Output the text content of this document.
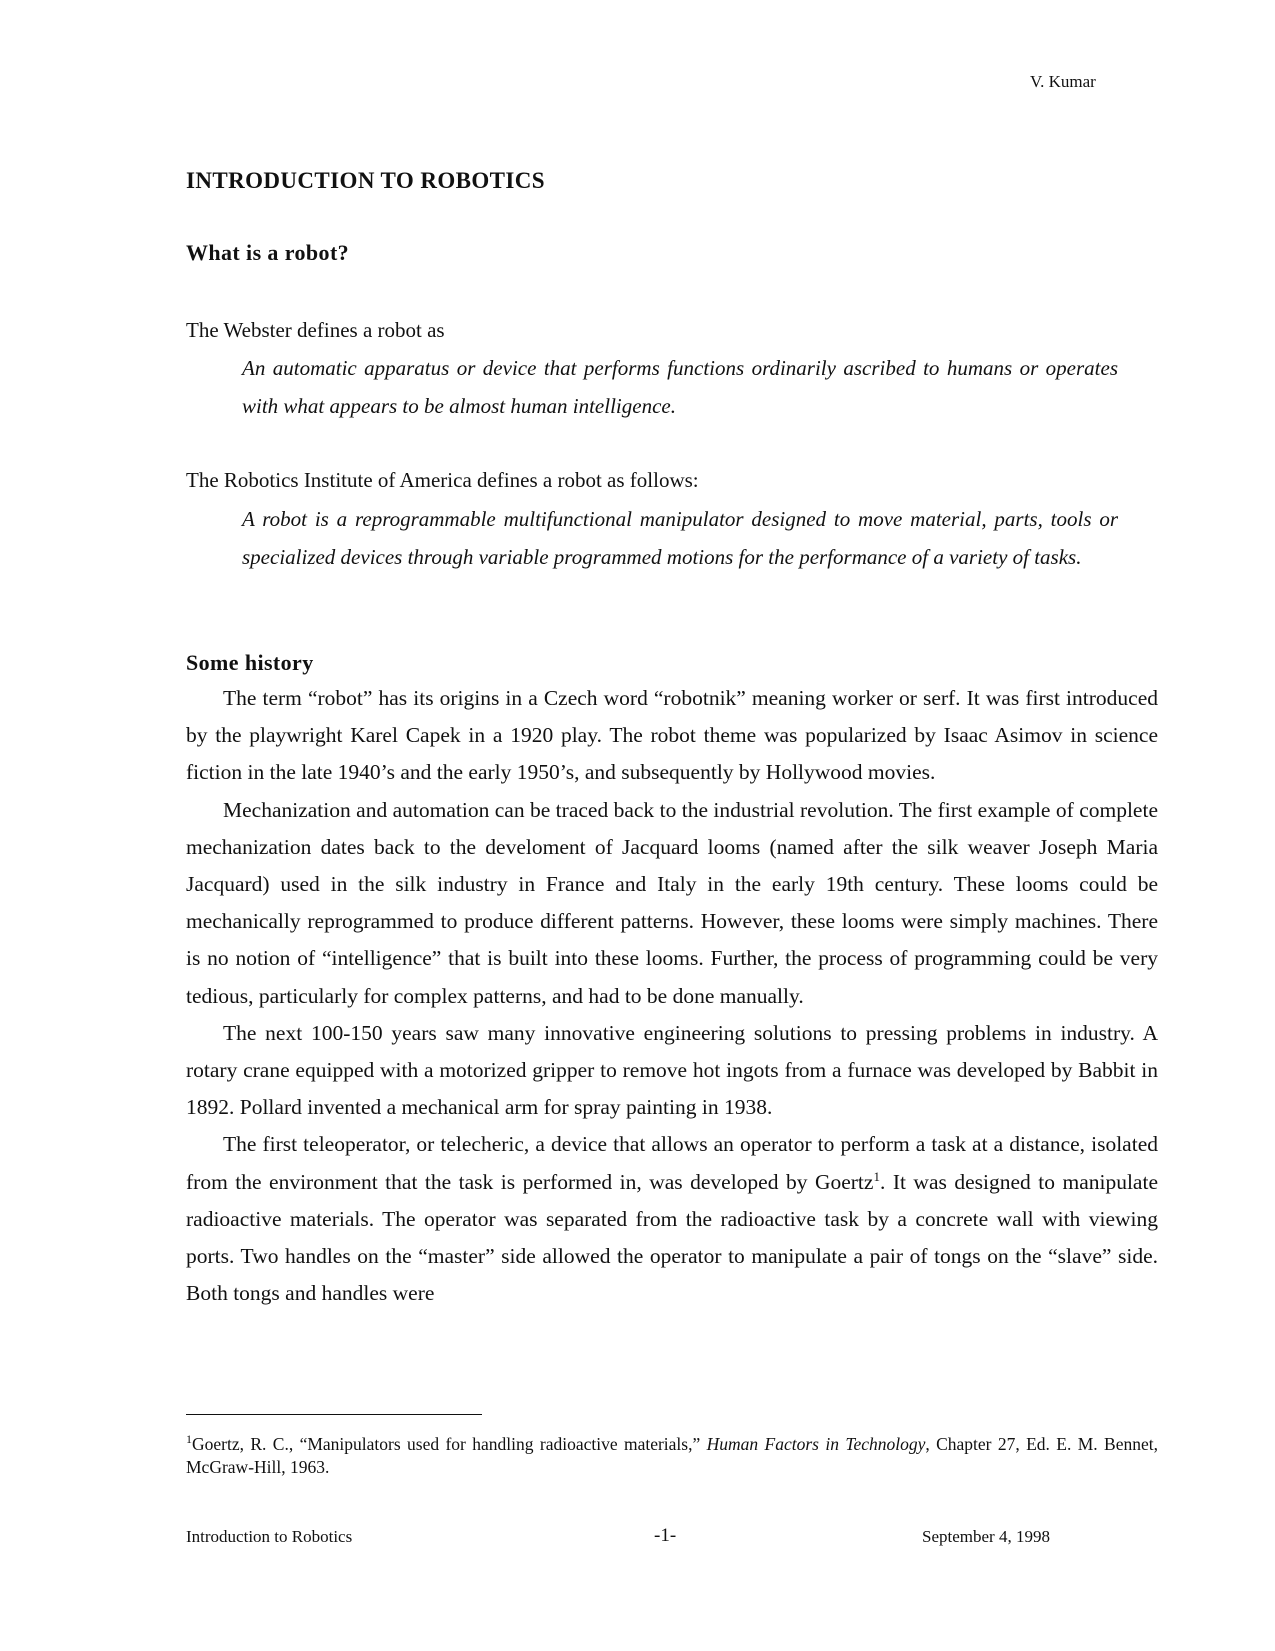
V. Kumar
INTRODUCTION TO ROBOTICS
What is a robot?
The Webster defines a robot as

An automatic apparatus or device that performs functions ordinarily ascribed to humans or operates with what appears to be almost human intelligence.

The Robotics Institute of America defines a robot as follows:

A robot is a reprogrammable multifunctional manipulator designed to move material, parts, tools or specialized devices through variable programmed motions for the performance of a variety of tasks.

Some history

The term “robot” has its origins in a Czech word “robotnik” meaning worker or serf. It was first introduced by the playwright Karel Capek in a 1920 play. The robot theme was popularized by Isaac Asimov in science fiction in the late 1940’s and the early 1950’s, and subsequently by Hollywood movies.

Mechanization and automation can be traced back to the industrial revolution. The first example of complete mechanization dates back to the develoment of Jacquard looms (named after the silk weaver Joseph Maria Jacquard) used in the silk industry in France and Italy in the early 19th century. These looms could be mechanically reprogrammed to produce different patterns. However, these looms were simply machines. There is no notion of “intelligence” that is built into these looms. Further, the process of programming could be very tedious, particularly for complex patterns, and had to be done manually.

The next 100-150 years saw many innovative engineering solutions to pressing problems in industry. A rotary crane equipped with a motorized gripper to remove hot ingots from a furnace was developed by Babbit in 1892. Pollard invented a mechanical arm for spray painting in 1938.

The first teleoperator, or telecheric, a device that allows an operator to perform a task at a distance, isolated from the environment that the task is performed in, was developed by Goertz$^1$. It was designed to manipulate radioactive materials. The operator was separated from the radioactive task by a concrete wall with viewing ports. Two handles on the “master” side allowed the operator to manipulate a pair of tongs on the “slave” side. Both tongs and handles were

$^1$Goertz, R. C., “Manipulators used for handling radioactive materials,” Human Factors in Technology, Chapter 27, Ed. E. M. Bennet, McGraw-Hill, 1963.

Introduction to Robotics	-1-	September 4, 1998
